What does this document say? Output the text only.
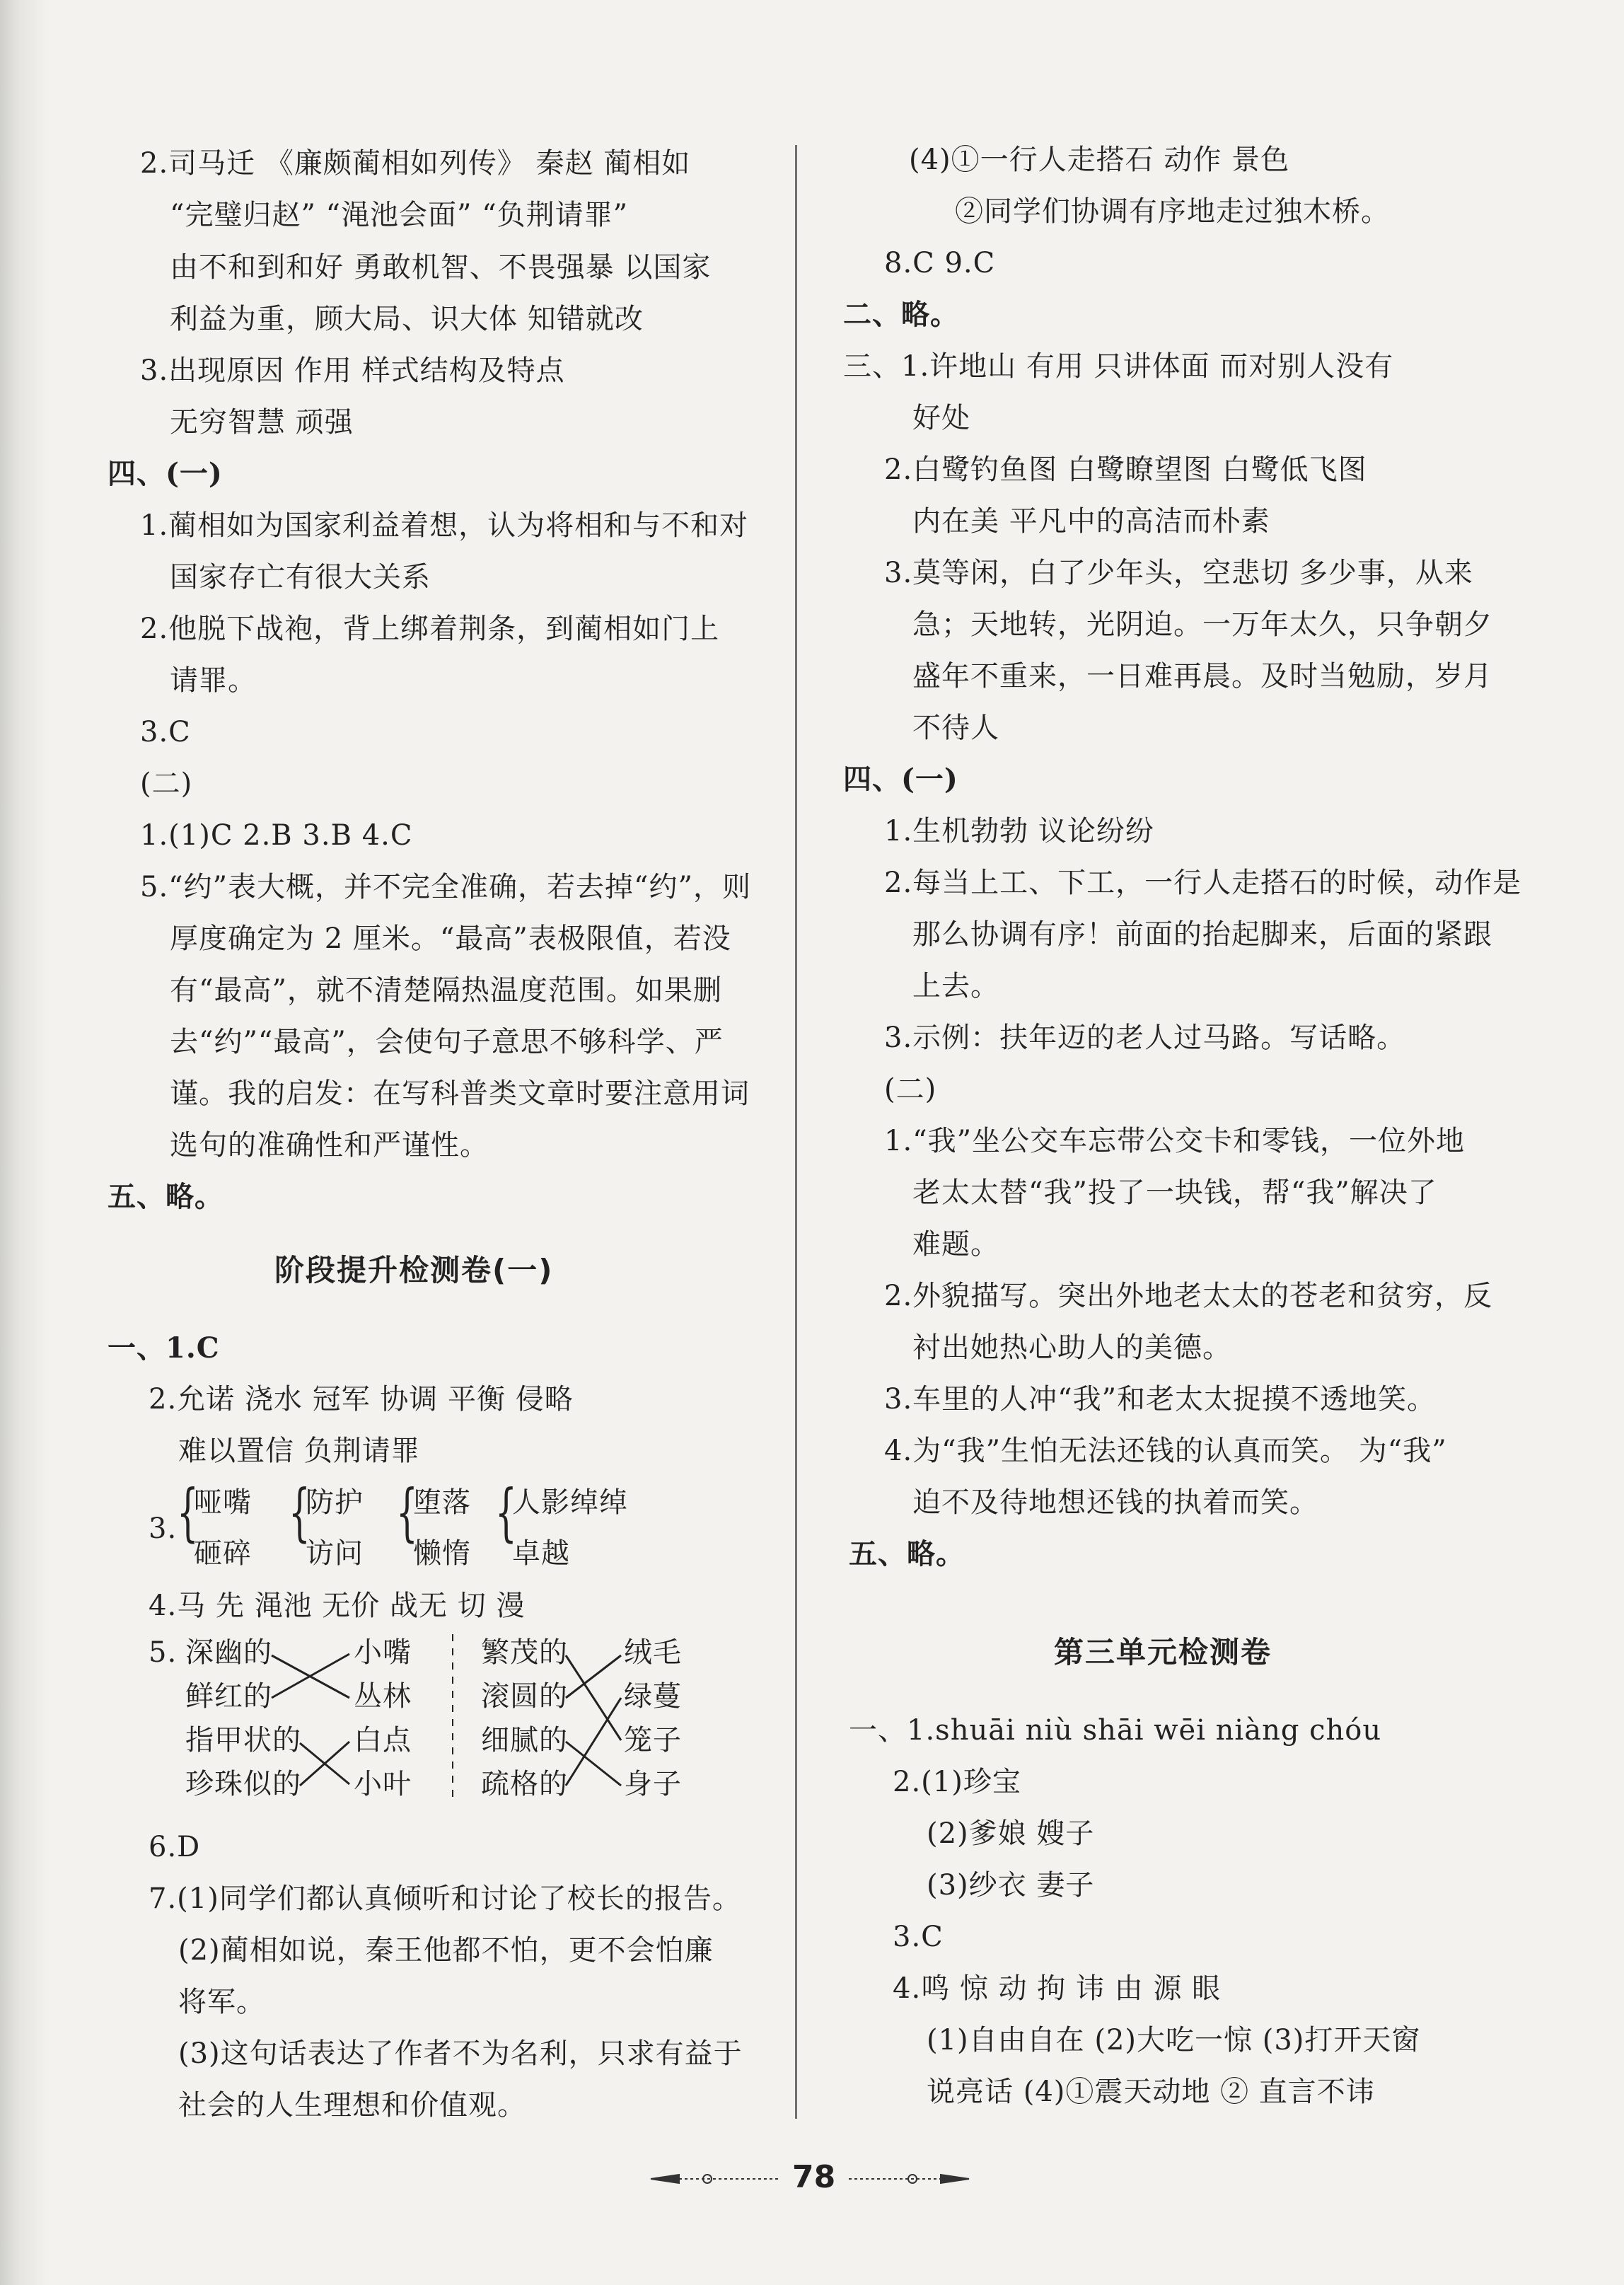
2.司马迁 《廉颇蔺相如列传》 秦赵 蔺相如
“完璧归赵” “渑池会面” “负荆请罪”
由不和到和好 勇敢机智、不畏强暴 以国家
利益为重，顾大局、识大体 知错就改
3.出现原因 作用 样式结构及特点
无穷智慧 顽强
四、(一)
1.蔺相如为国家利益着想，认为将相和与不和对
国家存亡有很大关系
2.他脱下战袍，背上绑着荆条，到蔺相如门上
请罪。
3.C
(二)
1.(1)C 2.B 3.B 4.C
5.“约”表大概，并不完全准确，若去掉“约”，则
厚度确定为 2 厘米。“最高”表极限值，若没
有“最高”，就不清楚隔热温度范围。如果删
去“约”“最高”，会使句子意思不够科学、严
谨。我的启发：在写科普类文章时要注意用词
选句的准确性和严谨性。
五、略。
阶段提升检测卷(一)
一、1.C
2.允诺 浇水 冠军 协调 平衡 侵略
难以置信 负荆请罪
3. {
哑嘴
砸碎
{
防护
访问
{
堕落
懒惰
{
人影绰绰
卓越
4.马 先 渑池 无价 战无 切 漫
5. 深幽的
鲜红的
指甲状的
珍珠似的
小嘴
丛林
白点
小叶
繁茂的
滚圆的
细腻的
疏格的
绒毛
绿蔓
笼子
身子
6.D
7.(1)同学们都认真倾听和讨论了校长的报告。
(2)蔺相如说，秦王他都不怕，更不会怕廉
将军。
(3)这句话表达了作者不为名利，只求有益于
社会的人生理想和价值观。
(4)①一行人走搭石 动作 景色
②同学们协调有序地走过独木桥。
8.C 9.C
二、略。
三、1.许地山 有用 只讲体面 而对别人没有
好处
2.白鹭钓鱼图 白鹭瞭望图 白鹭低飞图
内在美 平凡中的高洁而朴素
3.莫等闲，白了少年头，空悲切 多少事，从来
急；天地转，光阴迫。一万年太久，只争朝夕
盛年不重来，一日难再晨。及时当勉励，岁月
不待人
四、(一)
1.生机勃勃 议论纷纷
2.每当上工、下工，一行人走搭石的时候，动作是
那么协调有序！前面的抬起脚来，后面的紧跟
上去。
3.示例：扶年迈的老人过马路。写话略。
(二)
1.“我”坐公交车忘带公交卡和零钱，一位外地
老太太替“我”投了一块钱，帮“我”解决了
难题。
2.外貌描写。突出外地老太太的苍老和贫穷，反
衬出她热心助人的美德。
3.车里的人冲“我”和老太太捉摸不透地笑。
4.为“我”生怕无法还钱的认真而笑。 为“我”
迫不及待地想还钱的执着而笑。
五、略。
第三单元检测卷
一、1.shuāi niù shāi wēi niàng chóu
2.(1)珍宝
(2)爹娘 嫂子
(3)纱衣 妻子
3.C
4.鸣 惊 动 拘 讳 由 源 眼
(1)自由自在 (2)大吃一惊 (3)打开天窗
说亮话 (4)①震天动地 ② 直言不讳
78
